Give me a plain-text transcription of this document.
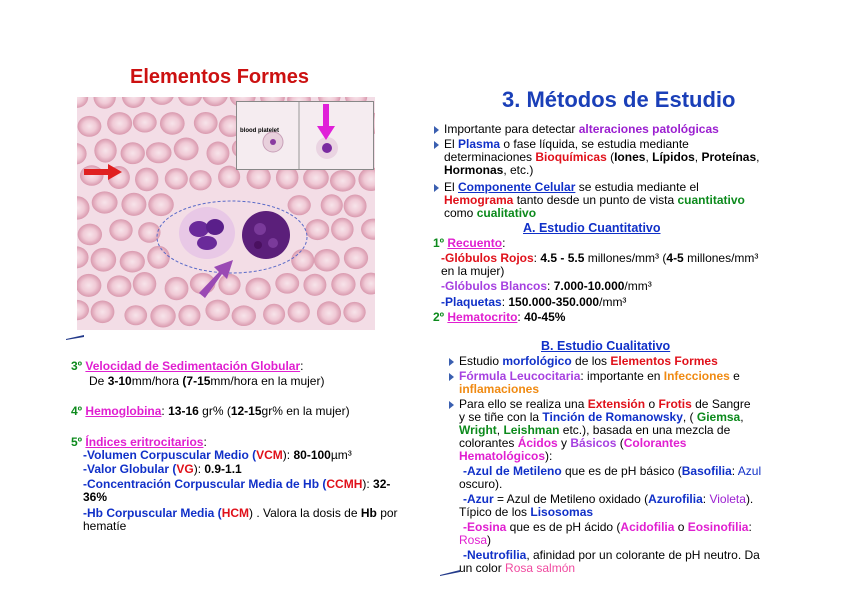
Elementos Formes
blood platelet
3º Velocidad de Sedimentación Globular:
De 3-10mm/hora (7-15mm/hora en la mujer)
4º Hemoglobina: 13-16 gr% (12-15gr% en la mujer)
5º Índices eritrocitarios:
-Volumen Corpuscular Medio (VCM): 80-100µm³
-Valor Globular (VG): 0.9-1.1
-Concentración Corpuscular Media de Hb (CCMH): 32-
36%
-Hb Corpuscular Media (HCM) . Valora la dosis de Hb por
hematíe
3. Métodos de Estudio
Importante para detectar alteraciones patológicas
El Plasma o fase líquida, se estudia mediante
determinaciones Bioquímicas (Iones, Lípidos, Proteínas,
Hormonas, etc.)
El Componente Celular se estudia mediante el
Hemograma tanto desde un punto de vista cuantitativo
como cualitativo
A. Estudio Cuantitativo
1º Recuento:
-Glóbulos Rojos: 4.5 - 5.5 millones/mm³ (4-5 millones/mm³
en la mujer)
-Glóbulos Blancos: 7.000-10.000/mm³
-Plaquetas: 150.000-350.000/mm³
2º Hematocrito: 40-45%
B. Estudio Cualitativo
Estudio morfológico de los Elementos Formes
Fórmula Leucocitaria: importante en Infecciones e
inflamaciones
Para ello se realiza una Extensión o Frotis de Sangre
y se tiñe con la Tinción de Romanowsky, ( Giemsa,
Wright, Leishman etc.), basada en una mezcla de
colorantes Ácidos y Básicos (Colorantes
Hematológicos):
-Azul de Metileno que es de pH básico (Basofilia: Azul
oscuro).
-Azur = Azul de Metileno oxidado (Azurofilia: Violeta).
Típico de los Lisosomas
-Eosina que es de pH ácido (Acidofilia o Eosinofilia:
Rosa)
-Neutrofilia, afinidad por un colorante de pH neutro. Da
un color Rosa salmón
